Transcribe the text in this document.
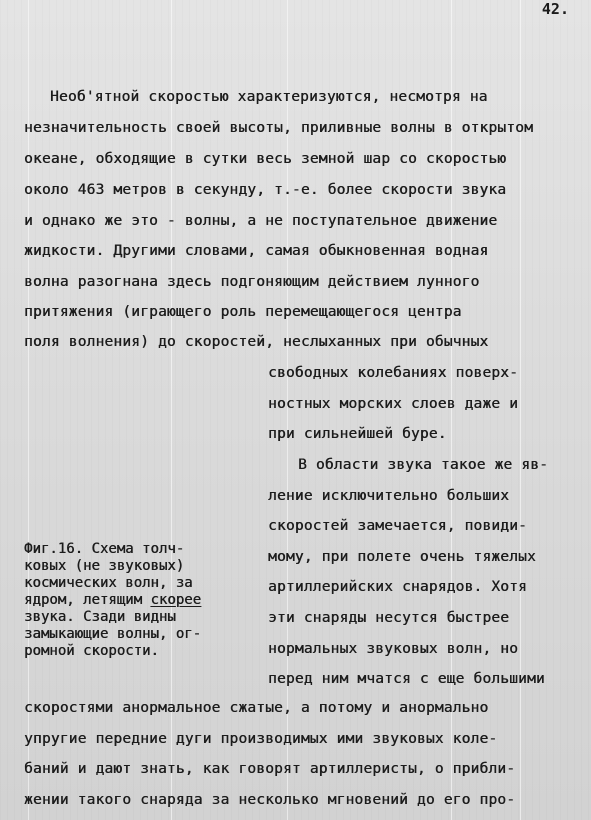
42.
Необ'ятной скоростью характеризуются, несмотря на
незначительность своей высоты, приливные волны в открытом
океане, обходящие в сутки весь земной шар со скоростью
около 463 метров в секунду, т.-е. более скорости звука
и однако же это - волны, а не поступательное движение
жидкости. Другими словами, самая обыкновенная водная
волна разогнана здесь подгоняющим действием лунного
притяжения (играющего роль перемещающегося центра
поля волнения) до скоростей, неслыханных при обычных
свободных колебаниях поверх-
ностных морских слоев даже и
при сильнейшей буре.
В области звука такое же яв-
ление исключительно больших
скоростей замечается, повиди-
мому, при полете очень тяжелых
артиллерийских снарядов. Хотя
эти снаряды несутся быстрее
нормальных звуковых волн, но
перед ним мчатся с еще большими
Фиг.16. Схема толч-
ковых (не звуковых)
космических волн, за
ядром, летящим скорее
звука. Сзади видны
замыкающие волны, ог-
ромной скорости.
скоростями анормальное сжатые, а потому и анормально
упругие передние дуги производимых ими звуковых коле-
баний и дают знать, как говорят артиллеристы, о прибли-
жении такого снаряда за несколько мгновений до его про-
